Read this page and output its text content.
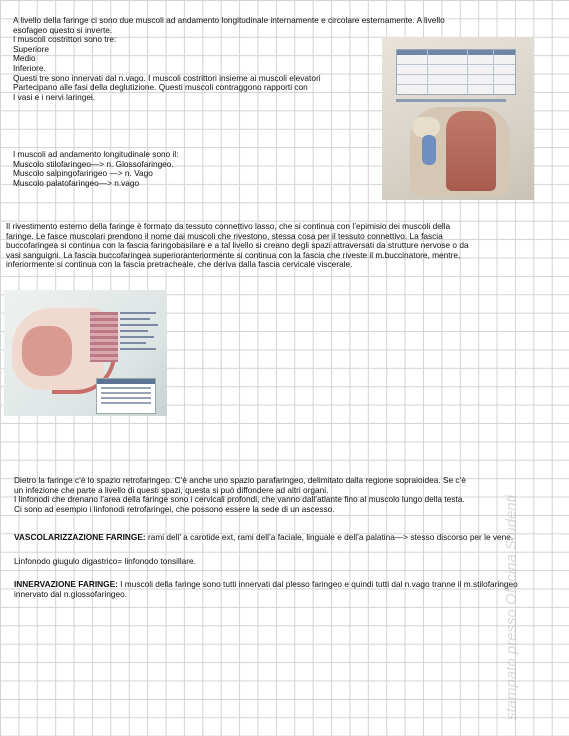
A livello della faringe ci sono due muscoli ad andamento longitudinale internamente e circolare esternamente. A livello

esofageo questo si inverte.

I muscoli costrittori sono tre:

Superiore

Medio

Inferiore.

Questi tre sono innervati dal n.vago. I muscoli costrittori insieme ai muscoli elevatori

Partecipano alle fasi della deglutizione. Questi muscoli contraggono rapporti con

I vasi e i nervi laringei.

I muscoli ad andamento longitudinale sono il:

Muscolo stilofaringeo—> n. Glossofaringeo.

Muscolo salpingofaringeo —> n. Vago

Muscolo palatofaringeo—> n.vago

Il rivestimento esterno della faringe è formato da tessuto connettivo lasso, che si continua con l’epimisio dei muscoli della

faringe. Le fasce muscolari prendono il nome dai muscoli che rivestono, stessa cosa per il tessuto connettivo. La fascia

buccofaringea si continua con la fascia faringobasilare e a tal livello si creano degli spazi attraversati da strutture nervose o da

vasi sanguigni. La fascia buccofaringea superioranteriormente si continua con la fascia che riveste il m.buccinatore, mentre,

inferiormente si continua con la fascia pretracheale, che deriva dalla fascia cervicale viscerale.

Dietro la faringe c’è lo spazio retrofaringeo. C’è anche uno spazio parafaringeo, delimitato dalla regione sopraioidea. Se c’è

un infezione che parte a livello di questi spazi, questa si può diffondere ad altri organi.

I linfonodi che drenano l’area della faringe sono i cervicali profondi, che vanno dall’atlante fino al muscolo lungo della testa.

Ci sono ad esempio i linfonodi retrofaringei, che possono essere la sede di un ascesso.

VASCOLARIZZAZIONE FARINGE: rami dell’ a carotide ext, rami dell’a faciale, linguale e dell’a palatina—> stesso discorso per le vene.
Linfonodo giugulo digastrico= linfonodo tonsillare.
INNERVAZIONE FARINGE: I muscoli della faringe sono tutti innervati dal plesso faringeo e quindi tutti dal n.vago tranne il m.stilofaringeo innervato dal n.glossofaringeo.	stampato presso Officina Studenti
